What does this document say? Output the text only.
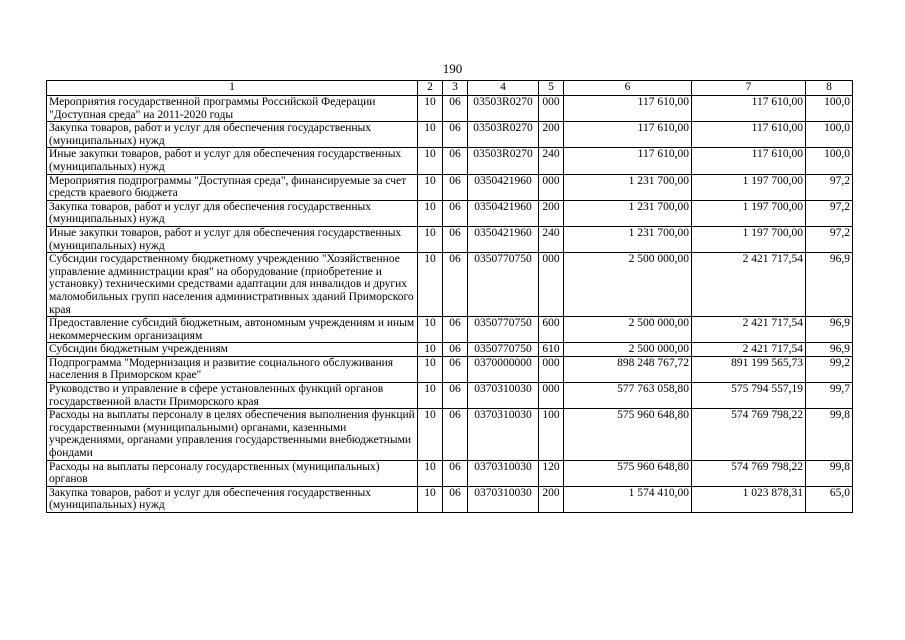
190
1	2	3	4	5	6	7	8
Мероприятия государственной программы Российской Федерации "Доступная среда" на 2011-2020 годы	10	06	03503R0270	000	117 610,00	117 610,00	100,0
Закупка товаров, работ и услуг для обеспечения государственных (муниципальных) нужд	10	06	03503R0270	200	117 610,00	117 610,00	100,0
Иные закупки товаров, работ и услуг для обеспечения государственных (муниципальных) нужд	10	06	03503R0270	240	117 610,00	117 610,00	100,0
Мероприятия подпрограммы "Доступная среда", финансируемые за счет средств краевого бюджета	10	06	0350421960	000	1 231 700,00	1 197 700,00	97,2
Закупка товаров, работ и услуг для обеспечения государственных (муниципальных) нужд	10	06	0350421960	200	1 231 700,00	1 197 700,00	97,2
Иные закупки товаров, работ и услуг для обеспечения государственных (муниципальных) нужд	10	06	0350421960	240	1 231 700,00	1 197 700,00	97,2
Субсидии государственному бюджетному учреждению "Хозяйственное управление администрации края" на оборудование (приобретение и установку) техническими средствами адаптации для инвалидов и других маломобильных групп населения административных зданий Приморского края	10	06	0350770750	000	2 500 000,00	2 421 717,54	96,9
Предоставление субсидий бюджетным, автономным учреждениям и иным некоммерческим организациям	10	06	0350770750	600	2 500 000,00	2 421 717,54	96,9
Субсидии бюджетным учреждениям	10	06	0350770750	610	2 500 000,00	2 421 717,54	96,9
Подпрограмма "Модернизация и развитие социального обслуживания населения в Приморском крае"	10	06	0370000000	000	898 248 767,72	891 199 565,73	99,2
Руководство и управление в сфере установленных функций органов государственной власти Приморского края	10	06	0370310030	000	577 763 058,80	575 794 557,19	99,7
Расходы на выплаты персоналу в целях обеспечения выполнения функций государственными (муниципальными) органами, казенными учреждениями, органами управления государственными внебюджетными фондами	10	06	0370310030	100	575 960 648,80	574 769 798,22	99,8
Расходы на выплаты персоналу государственных (муниципальных) органов	10	06	0370310030	120	575 960 648,80	574 769 798,22	99,8
Закупка товаров, работ и услуг для обеспечения государственных (муниципальных) нужд	10	06	0370310030	200	1 574 410,00	1 023 878,31	65,0
